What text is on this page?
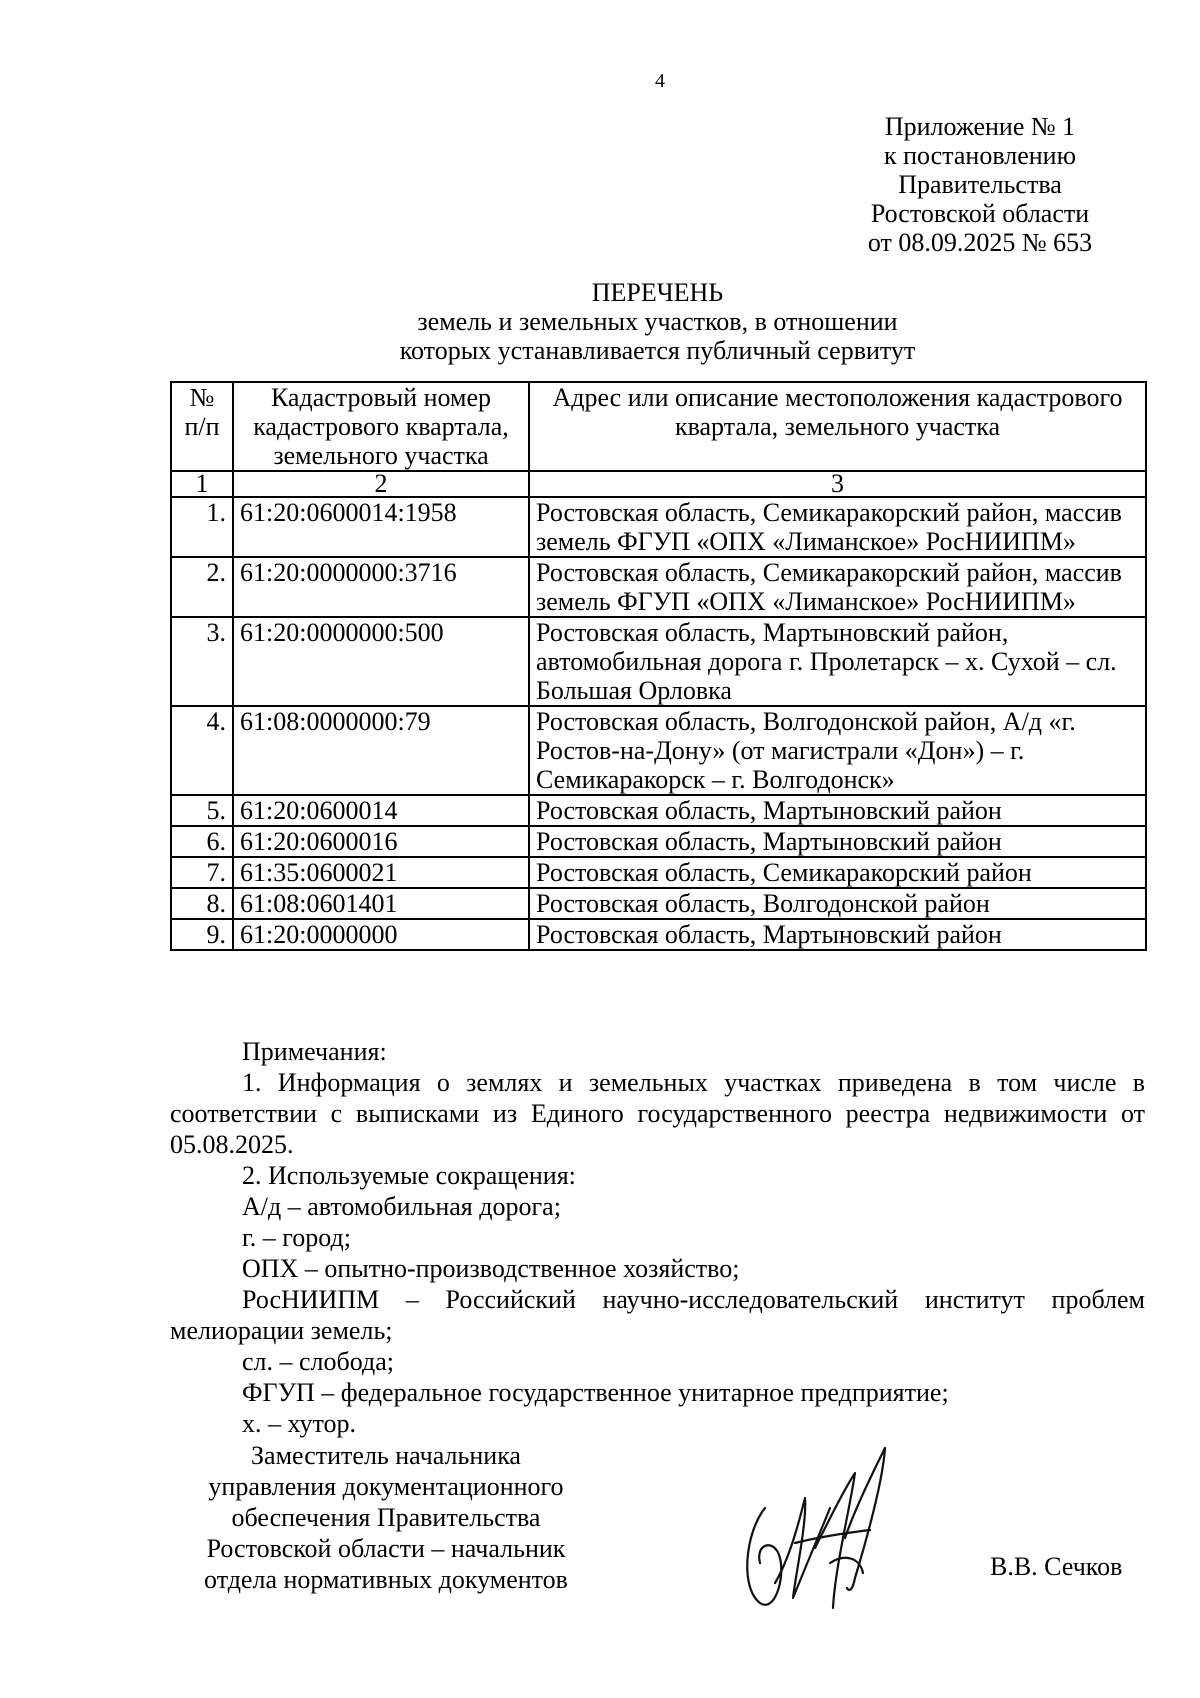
4
Приложение № 1
к постановлению
Правительства
Ростовской области
от 08.09.2025 № 653
ПЕРЕЧЕНЬ
земель и земельных участков, в отношении
которых устанавливается публичный сервитут
№ п/п	Кадастровый номер кадастрового квартала, земельного участка	Адрес или описание местоположения кадастрового квартала, земельного участка
1	2	3
1.	61:20:0600014:1958	Ростовская область, Семикаракорский район, массив земель ФГУП «ОПХ «Лиманское» РосНИИПМ»
2.	61:20:0000000:3716	Ростовская область, Семикаракорский район, массив земель ФГУП «ОПХ «Лиманское» РосНИИПМ»
3.	61:20:0000000:500	Ростовская область, Мартыновский район, автомобильная дорога г. Пролетарск – х. Сухой – сл. Большая Орловка
4.	61:08:0000000:79	Ростовская область, Волгодонской район, А/д «г. Ростов-на-Дону» (от магистрали «Дон») – г. Семикаракорск – г. Волгодонск»
5.	61:20:0600014	Ростовская область, Мартыновский район
6.	61:20:0600016	Ростовская область, Мартыновский район
7.	61:35:0600021	Ростовская область, Семикаракорский район
8.	61:08:0601401	Ростовская область, Волгодонской район
9.	61:20:0000000	Ростовская область, Мартыновский район
Примечания:
1. Информация о землях и земельных участках приведена в том числе в соответствии с выписками из Единого государственного реестра недвижимости от 05.08.2025.
2. Используемые сокращения:
А/д – автомобильная дорога;
г. – город;
ОПХ – опытно-производственное хозяйство;
РосНИИПМ – Российский научно-исследовательский институт проблем мелиорации земель;
сл. – слобода;
ФГУП – федеральное государственное унитарное предприятие;
х. – хутор.
Заместитель начальника
управления документационного
обеспечения Правительства
Ростовской области – начальник
отдела нормативных документов	В.В. Сечков
